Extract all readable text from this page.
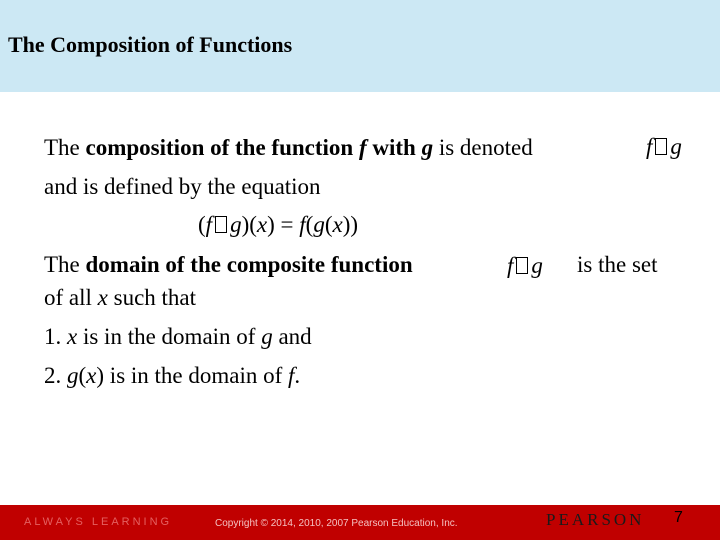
The Composition of Functions
The composition of the function f with g is denoted	f g
and is defined by the equation
(f g)(x) = f(g(x))
The domain of the composite function	f g is the set
of all x such that
1. x is in the domain of g and
2. g(x) is in the domain of f.
ALWAYS LEARNING	Copyright © 2014, 2010, 2007 Pearson Education, Inc.	PEARSON 7
